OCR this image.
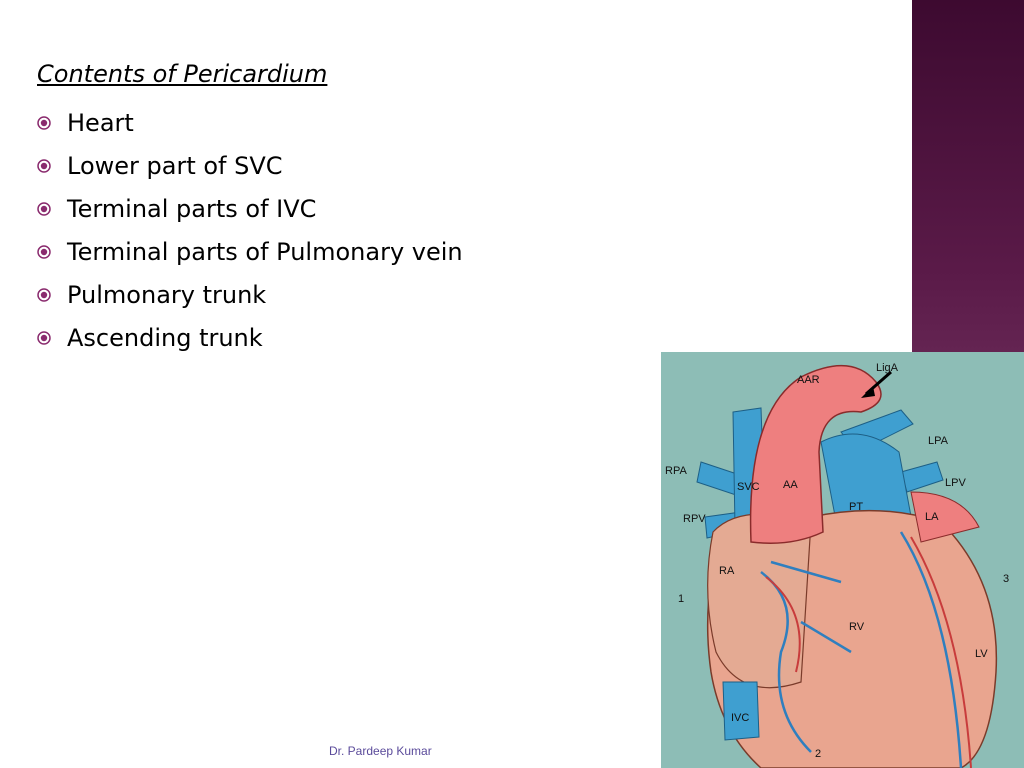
Contents of Pericardium
Heart
Lower part of SVC
Terminal parts of IVC
Terminal parts of Pulmonary vein
Pulmonary trunk
Ascending trunk
LigA
AAR
LPA
RPA
SVC AA	LPV
RPV
PT
LA
RA
3
1
RV
LV
IVC
2
Dr. Pardeep Kumar
